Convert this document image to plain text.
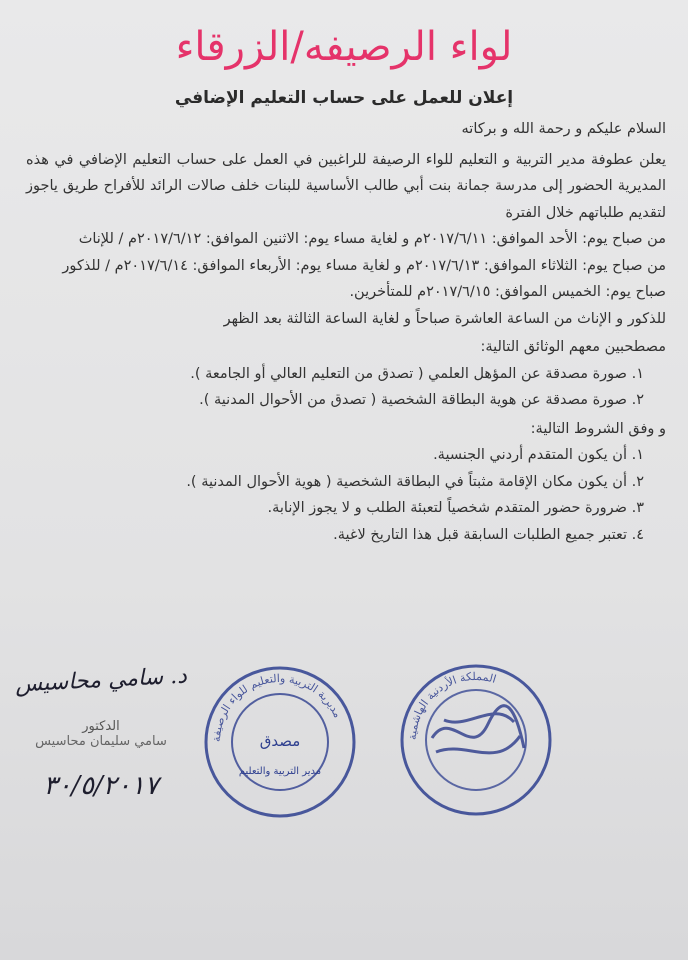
لواء الرصيفه/الزرقاء
إعلان للعمل على حساب التعليم الإضافي

السلام عليكم و رحمة الله و بركاته

يعلن عطوفة مدير التربية و التعليم للواء الرصيفة للراغبين في العمل على حساب التعليم الإضافي في هذه المديرية الحضور إلى مدرسة جمانة بنت أبي طالب الأساسية للبنات خلف صالات الرائد للأفراح طريق ياجوز لتقديم طلباتهم خلال الفترة

من صباح يوم: الأحد الموافق: ٢٠١٧/٦/١١م و لغاية مساء يوم: الاثنين الموافق: ٢٠١٧/٦/١٢م / للإناث

من صباح يوم: الثلاثاء الموافق: ٢٠١٧/٦/١٣م و لغاية مساء يوم: الأربعاء الموافق: ٢٠١٧/٦/١٤م / للذكور

صباح يوم: الخميس الموافق: ٢٠١٧/٦/١٥م للمتأخرين.

للذكور و الإناث من الساعة العاشرة صباحاً و لغاية الساعة الثالثة بعد الظهر

مصطحبين معهم الوثائق التالية:

١. صورة مصدقة عن المؤهل العلمي ( تصدق من التعليم العالي أو الجامعة ).
٢. صورة مصدقة عن هوية البطاقة الشخصية ( تصدق من الأحوال المدنية ).

و وفق الشروط التالية:

١. أن يكون المتقدم أردني الجنسية.
٢. أن يكون مكان الإقامة مثبتاً في البطاقة الشخصية ( هوية الأحوال المدنية ).
٣. ضرورة حضور المتقدم شخصياً لتعبئة الطلب و لا يجوز الإنابة.
٤. تعتبر جميع الطلبات السابقة قبل هذا التاريخ لاغية.
د. سامي محاسيس
الدكتور
سامي سليمان محاسيس
٣٠/٥/٢٠١٧
مديرية التربية والتعليم للواء الرصيفة
مصدق
مدير التربية والتعليم
المملكة الأردنية الهاشمية
